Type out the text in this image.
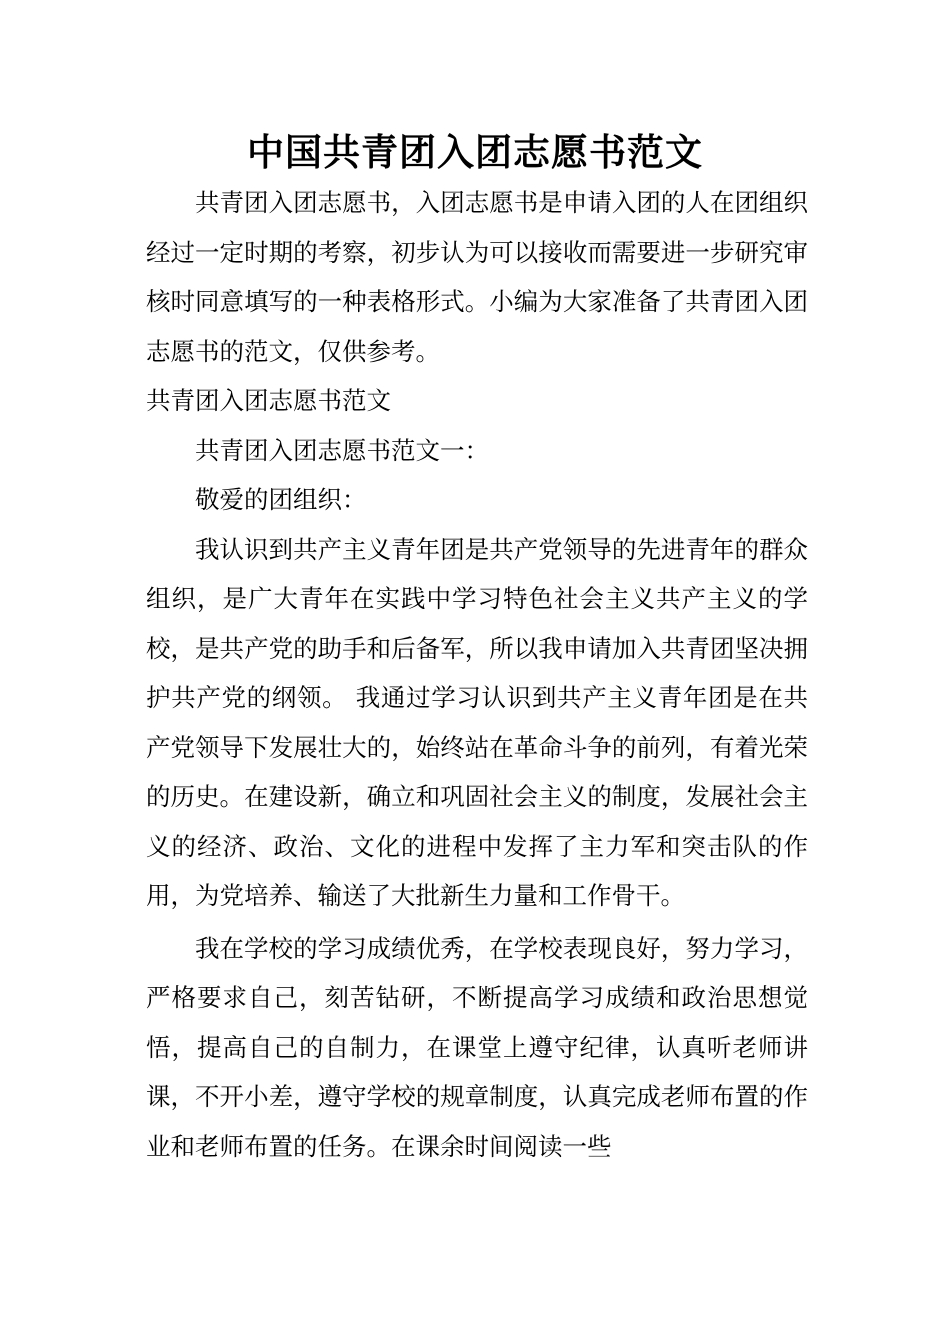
中国共青团入团志愿书范文

共青团入团志愿书，入团志愿书是申请入团的人在团组织经过一定时期的考察，初步认为可以接收而需要进一步研究审核时同意填写的一种表格形式。小编为大家准备了共青团入团志愿书的范文，仅供参考。

共青团入团志愿书范文

共青团入团志愿书范文一：

敬爱的团组织：

我认识到共产主义青年团是共产党领导的先进青年的群众组织，是广大青年在实践中学习特色社会主义共产主义的学校，是共产党的助手和后备军，所以我申请加入共青团坚决拥护共产党的纲领。 我通过学习认识到共产主义青年团是在共产党领导下发展壮大的，始终站在革命斗争的前列，有着光荣的历史。在建设新，确立和巩固社会主义的制度，发展社会主义的经济、政治、文化的进程中发挥了主力军和突击队的作用，为党培养、输送了大批新生力量和工作骨干。

我在学校的学习成绩优秀，在学校表现良好，努力学习，严格要求自己，刻苦钻研，不断提高学习成绩和政治思想觉悟，提高自己的自制力，在课堂上遵守纪律，认真听老师讲课，不开小差，遵守学校的规章制度，认真完成老师布置的作业和老师布置的任务。在课余时间阅读一些
